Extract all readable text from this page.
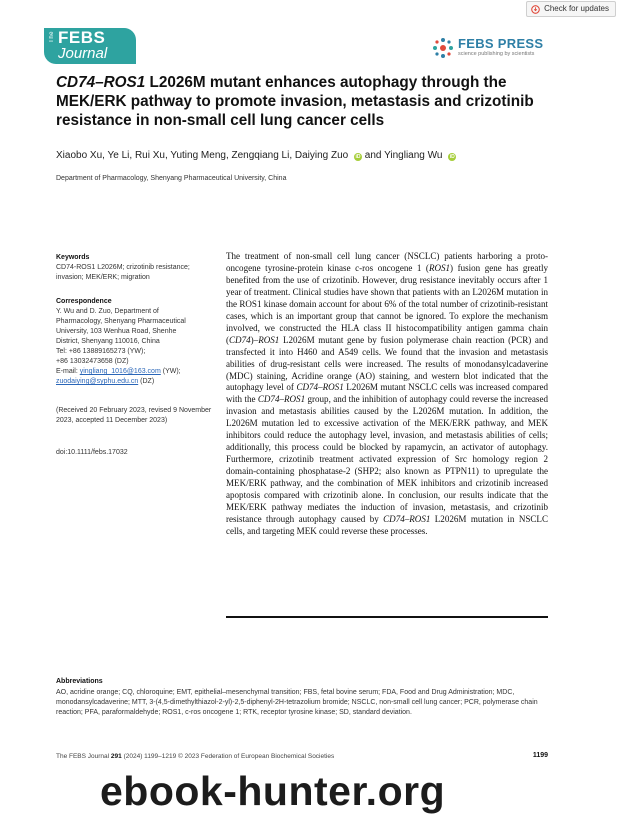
Check for updates
The FEBS
Journal
FEBS PRESS
science publishing by scientists
CD74–ROS1 L2026M mutant enhances autophagy through the MEK/ERK pathway to promote invasion, metastasis and crizotinib resistance in non-small cell lung cancer cells
Xiaobo Xu, Ye Li, Rui Xu, Yuting Meng, Zengqiang Li, Daiying Zuo iD and Yingliang Wu iD
Department of Pharmacology, Shenyang Pharmaceutical University, China
Keywords
CD74-ROS1 L2026M; crizotinib resistance; invasion; MEK/ERK; migration
Correspondence
Y. Wu and D. Zuo, Department of
Pharmacology, Shenyang Pharmaceutical
University, 103 Wenhua Road, Shenhe
District, Shenyang 110016, China
Tel: +86 13889165273 (YW);
+86 13032473658 (DZ)
E-mail: yingliang_1016@163.com (YW);
zuodaiying@syphu.edu.cn (DZ)
(Received 20 February 2023, revised 9 November 2023, accepted 11 December 2023)
doi:10.1111/febs.17032
The treatment of non-small cell lung cancer (NSCLC) patients harboring a proto-oncogene tyrosine-protein kinase c-ros oncogene 1 (ROS1) fusion gene has greatly benefited from the use of crizotinib. However, drug resistance inevitably occurs after 1 year of treatment. Clinical studies have shown that patients with an L2026M mutation in the ROS1 kinase domain account for about 6% of the total number of crizotinib-resistant cases, which is an important group that cannot be ignored. To explore the mechanism involved, we constructed the HLA class II histocompatibility antigen gamma chain (CD74)–ROS1 L2026M mutant gene by fusion polymerase chain reaction (PCR) and transfected it into H460 and A549 cells. We found that the invasion and metastasis abilities of drug-resistant cells were increased. The results of monodansylcadaverine (MDC) staining, Acridine orange (AO) staining, and western blot indicated that the autophagy level of CD74–ROS1 L2026M mutant NSCLC cells was increased compared with the CD74–ROS1 group, and the inhibition of autophagy could reverse the increased invasion and metastasis abilities caused by the L2026M mutation. In addition, the L2026M mutation led to excessive activation of the MEK/ERK pathway, and MEK inhibitors could reduce the autophagy level, invasion, and metastasis abilities of cells; additionally, this process could be blocked by rapamycin, an activator of autophagy. Furthermore, crizotinib treatment activated expression of Src homology region 2 domain-containing phosphatase-2 (SHP2; also known as PTPN11) to upregulate the MEK/ERK pathway, and the combination of MEK inhibitors and crizotinib increased apoptosis compared with crizotinib alone. In conclusion, our results indicate that the MEK/ERK pathway mediates the induction of invasion, metastasis, and crizotinib resistance through autophagy caused by CD74–ROS1 L2026M mutation in NSCLC cells, and targeting MEK could reverse these processes.
Abbreviations
AO, acridine orange; CQ, chloroquine; EMT, epithelial–mesenchymal transition; FBS, fetal bovine serum; FDA, Food and Drug Administration; MDC, monodansylcadaverine; MTT, 3-(4,5-dimethylthiazol-2-yl)-2,5-diphenyl-2H-tetrazolium bromide; NSCLC, non-small cell lung cancer; PCR, polymerase chain reaction; PFA, paraformaldehyde; ROS1, c-ros oncogene 1; RTK, receptor tyrosine kinase; SD, standard deviation.
The FEBS Journal 291 (2024) 1199–1219 © 2023 Federation of European Biochemical Societies	1199
ebook-hunter.org
